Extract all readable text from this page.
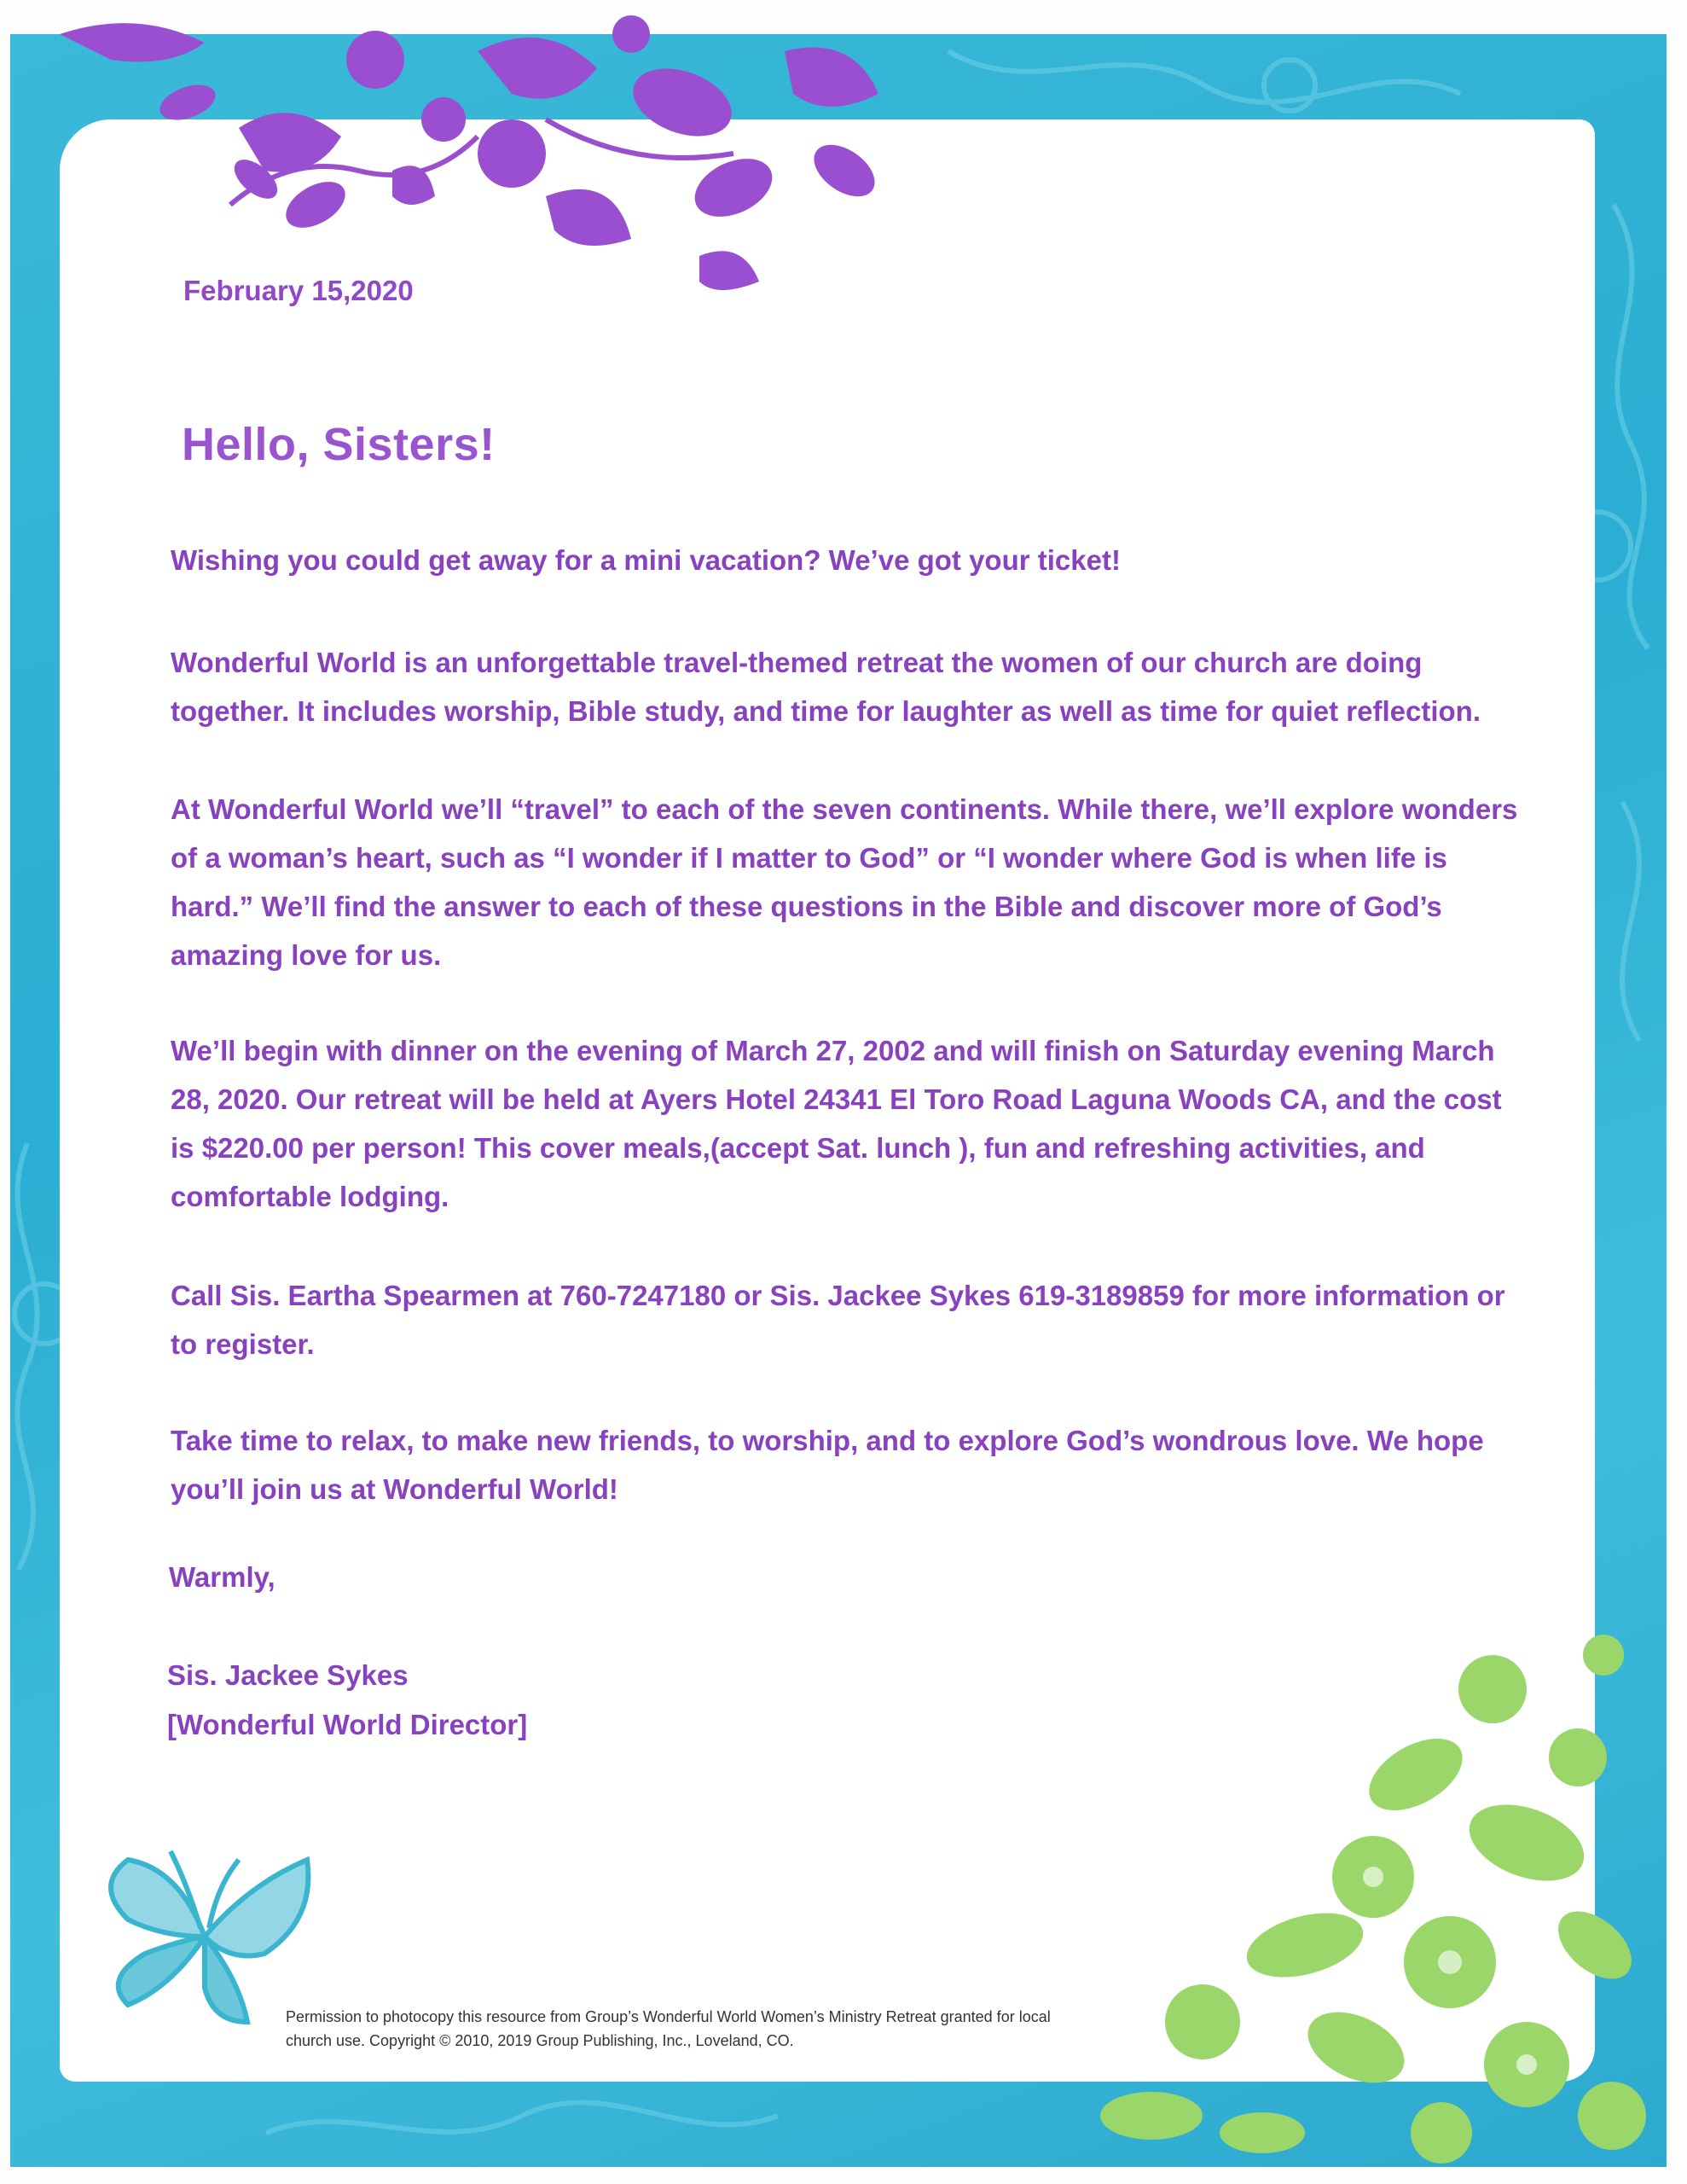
February 15,2020
Hello, Sisters!
Wishing you could get away for a mini vacation? We’ve got your ticket!
Wonderful World is an unforgettable travel-themed retreat the women of our church are doing together. It includes worship, Bible study, and time for laughter as well as time for quiet reflection.
At Wonderful World we’ll “travel” to each of the seven continents. While there, we’ll explore wonders of a woman’s heart, such as “I wonder if I matter to God” or “I wonder where God is when life is hard.” We’ll find the answer to each of these questions in the Bible and discover more of God’s amazing love for us.
We’ll begin with dinner on the evening of March 27, 2002 and will finish on Saturday evening March 28, 2020. Our retreat will be held at Ayers Hotel 24341 El Toro Road Laguna Woods CA, and the cost is $220.00 per person! This cover meals,(accept Sat. lunch ), fun and refreshing activities, and comfortable lodging.
Call Sis. Eartha Spearmen at 760-7247180 or Sis. Jackee Sykes 619-3189859 for more information or to register.
Take time to relax, to make new friends, to worship, and to explore God’s wondrous love. We hope you’ll join us at Wonderful World!
Warmly,
Sis. Jackee Sykes
[Wonderful World Director]
Permission to photocopy this resource from Group’s Wonderful World Women’s Ministry Retreat granted for local church use. Copyright © 2010, 2019 Group Publishing, Inc., Loveland, CO.
